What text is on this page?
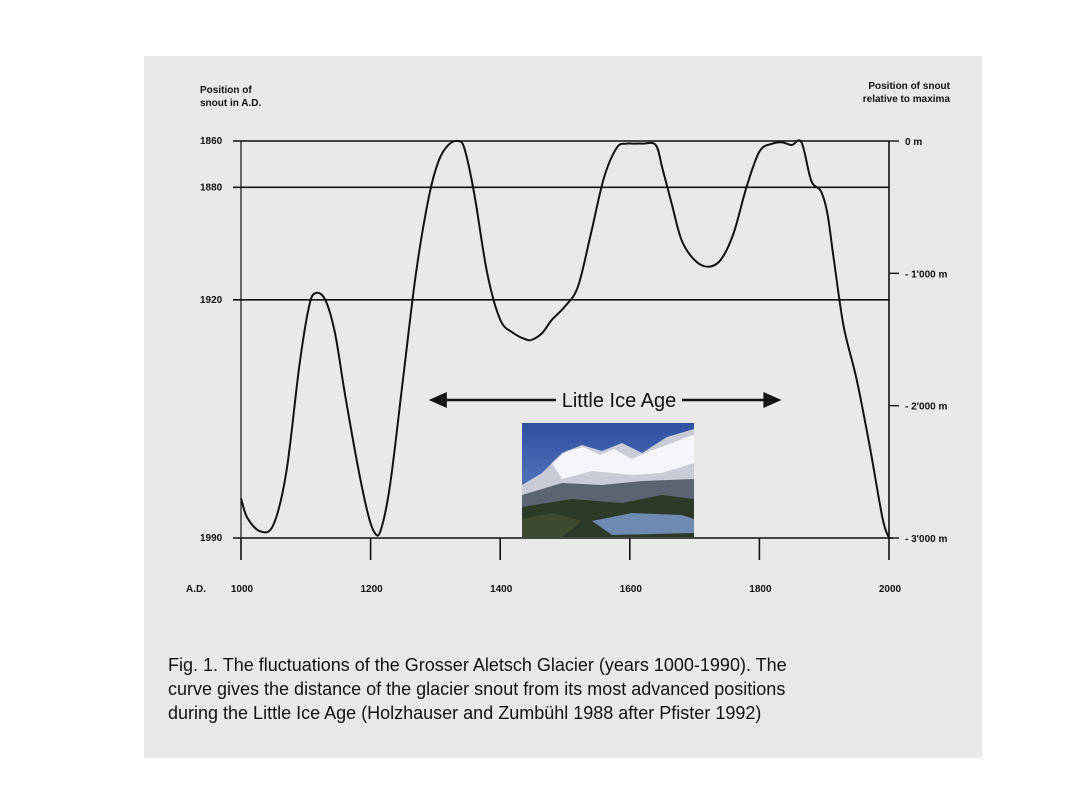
Position of
snout in A.D.
Position of snout
relative to maxima
1860
1880
1920
1990
0 m
- 1'000 m
- 2'000 m
- 3'000 m
A.D. 1000	1200	1400	1600	1800	2000
Little Ice Age
Fig. 1. The fluctuations of the Grosser Aletsch Glacier (years 1000-1990). The
curve gives the distance of the glacier snout from its most advanced positions
during the Little Ice Age (Holzhauser and Zumbühl 1988 after Pfister 1992)
